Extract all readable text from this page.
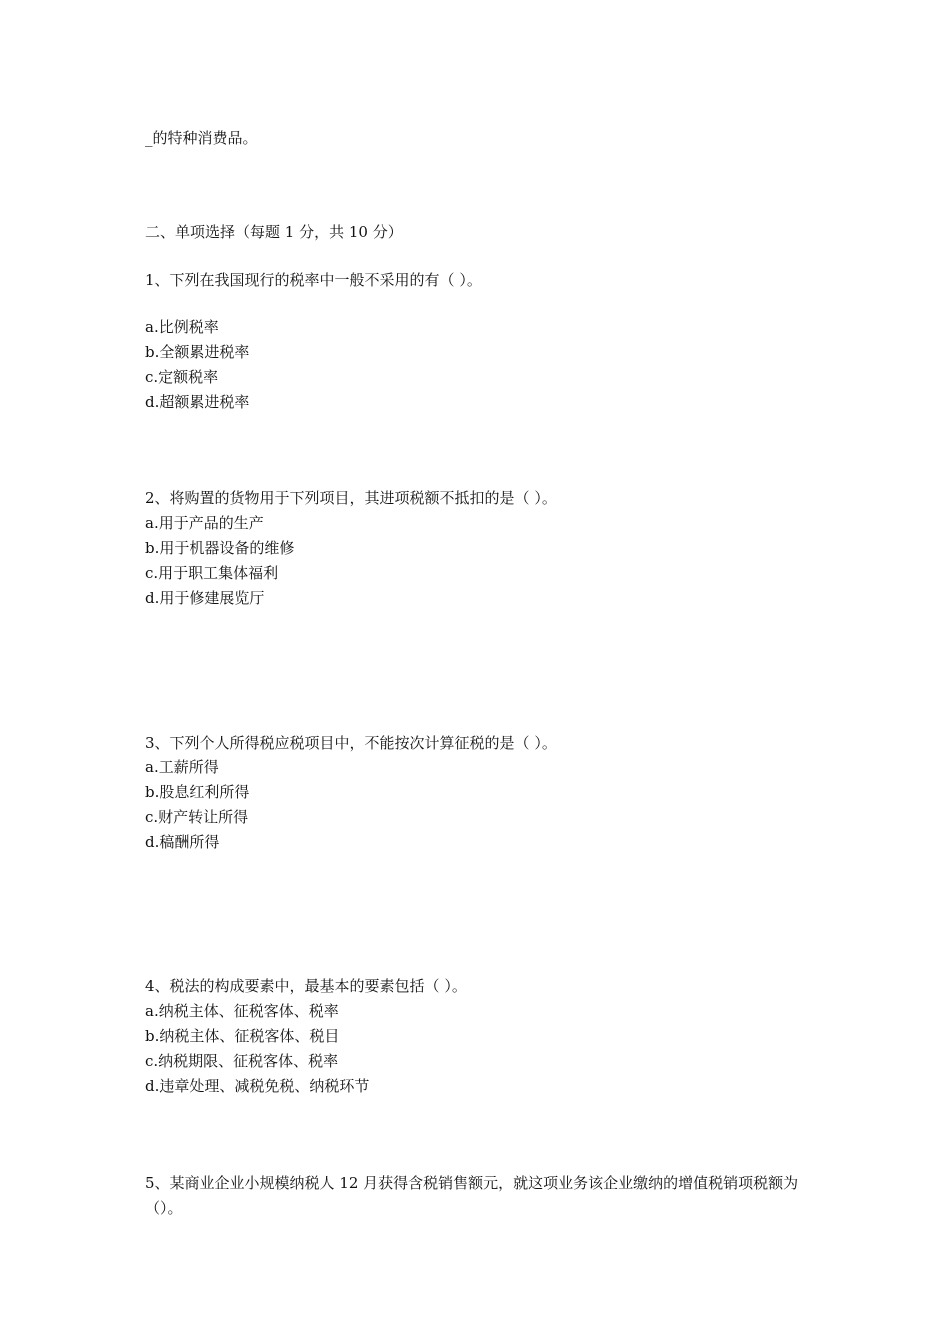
_的特种消费品。
二、单项选择（每题 1 分，共 10 分）
1、下列在我国现行的税率中一般不采用的有（ ）。
a.比例税率
b.全额累进税率
c.定额税率
d.超额累进税率
2、将购置的货物用于下列项目，其进项税额不抵扣的是（ ）。
a.用于产品的生产
b.用于机器设备的维修
c.用于职工集体福利
d.用于修建展览厅
3、下列个人所得税应税项目中，不能按次计算征税的是（ ）。
a.工薪所得
b.股息红利所得
c.财产转让所得
d.稿酬所得
4、税法的构成要素中，最基本的要素包括（ ）。
a.纳税主体、征税客体、税率
b.纳税主体、征税客体、税目
c.纳税期限、征税客体、税率
d.违章处理、减税免税、纳税环节
5、某商业企业小规模纳税人 12 月获得含税销售额元，就这项业务该企业缴纳的增值税销项税额为（）。
